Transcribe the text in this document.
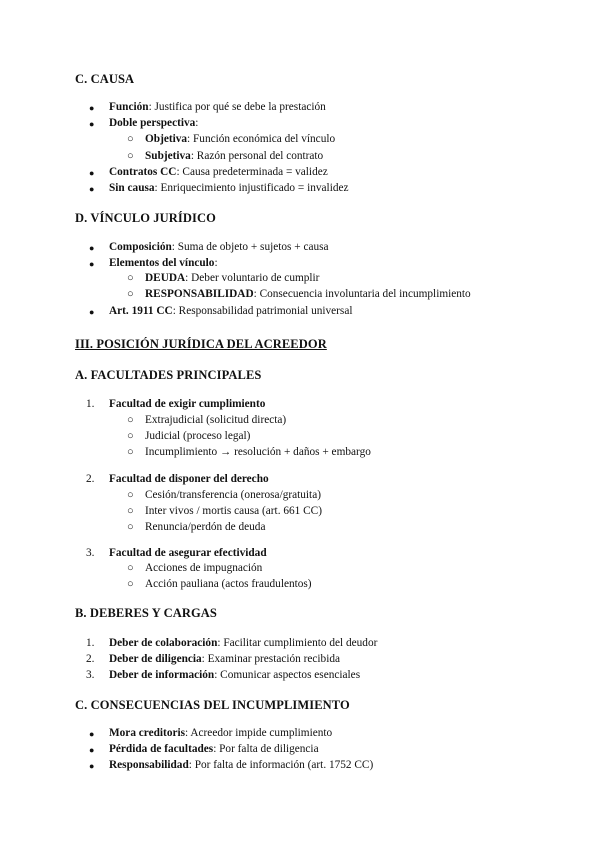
C. CAUSA
● Función: Justifica por qué se debe la prestación
● Doble perspectiva:
○ Objetiva: Función económica del vínculo
○ Subjetiva: Razón personal del contrato
● Contratos CC: Causa predeterminada = validez
● Sin causa: Enriquecimiento injustificado = invalidez
D. VÍNCULO JURÍDICO
● Composición: Suma de objeto + sujetos + causa
● Elementos del vínculo:
○ DEUDA: Deber voluntario de cumplir
○ RESPONSABILIDAD: Consecuencia involuntaria del incumplimiento
● Art. 1911 CC: Responsabilidad patrimonial universal
III. POSICIÓN JURÍDICA DEL ACREEDOR
A. FACULTADES PRINCIPALES
1. Facultad de exigir cumplimiento
○ Extrajudicial (solicitud directa)
○ Judicial (proceso legal)
○ Incumplimiento → resolución + daños + embargo
2. Facultad de disponer del derecho
○ Cesión/transferencia (onerosa/gratuita)
○ Inter vivos / mortis causa (art. 661 CC)
○ Renuncia/perdón de deuda
3. Facultad de asegurar efectividad
○ Acciones de impugnación
○ Acción pauliana (actos fraudulentos)
B. DEBERES Y CARGAS
1. Deber de colaboración: Facilitar cumplimiento del deudor
2. Deber de diligencia: Examinar prestación recibida
3. Deber de información: Comunicar aspectos esenciales
C. CONSECUENCIAS DEL INCUMPLIMIENTO
● Mora creditoris: Acreedor impide cumplimiento
● Pérdida de facultades: Por falta de diligencia
● Responsabilidad: Por falta de información (art. 1752 CC)
